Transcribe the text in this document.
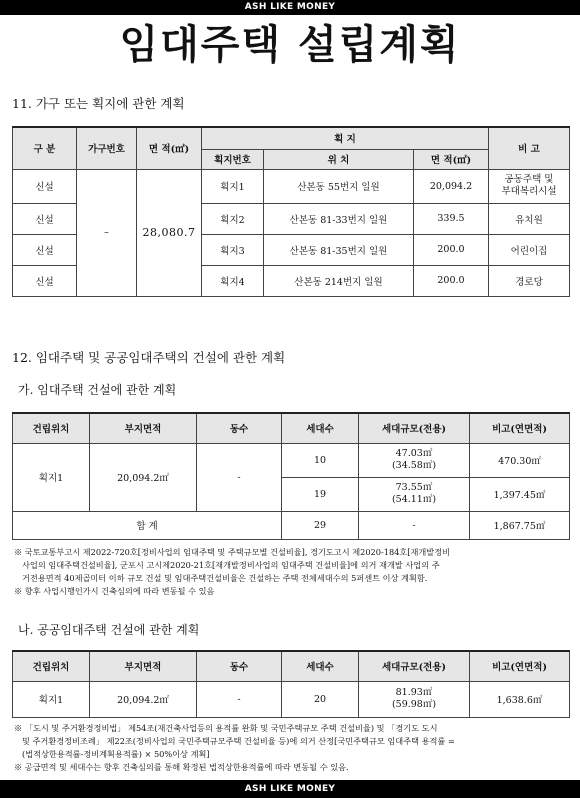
ASH LIKE MONEY
임대주택 설립계획
11. 가구 또는 획지에 관한 계획
구 분	가구번호	면 적(㎡)	획 지			비 고
			획지번호	위 치	면 적(㎡)	
신설	–	28,080.7	획지1	산본동 55번지 일원	20,094.2	공동주택 및
부대복리시설

신설			획지2	산본동 81-33번지 일원	339.5	유치원
신설			획지3	산본동 81-35번지 일원	200.0	어린이집
신설			획지4	산본동 214번지 일원	200.0	경로당
12. 임대주택 및 공공임대주택의 건설에 관한 계획
가. 임대주택 건설에 관한 계획
건립위치	부지면적	동수	세대수	세대규모(전용)	비고(연면적)
획지1	20,094.2㎡	-	10	47.03㎡
(34.58㎡)	470.30㎡
			19	73.55㎡
(54.11㎡)	1,397.45㎡
합 계			29	-	1,867.75㎡
※ 국토교통부고시 제2022-720호[정비사업의 임대주택 및 주택규모별 건설비율], 경기도고시 제2020-184호[재개발정비
사업의 임대주택건설비율], 군포시 고시제2020-21호[재개발정비사업의 임대주택 건설비율]에 의거 재개발 사업의 주
거전용면적 40제곱미터 이하 규모 건설 및 임대주택건설비율은 건설하는 주택 전체세대수의 5퍼센트 이상 계획함.
※ 향후 사업시행인가시 건축심의에 따라 변동될 수 있음
나. 공공임대주택 건설에 관한 계획
건립위치	부지면적	동수	세대수	세대규모(전용)	비고(연면적)
획지1	20,094.2㎡	-	20	81.93㎡
(59.98㎡)	1,638.6㎡
※ 「도시 및 주거환경정비법」 제54조(재건축사업등의 용적률 완화 및 국민주택규모 주택 건설비율) 및 「경기도 도시
및 주거환경정비조례」 제22조(정비사업의 국민주택규모주택 건설비율 등)에 의거 산정[국민주택규모 임대주택 용적률 =
(법적상한용적률-정비계획용적률) × 50%이상 계획]
※ 공급면적 및 세대수는 향후 건축심의를 통해 확정된 법적상한용적률에 따라 변동될 수 있음.
ASH LIKE MONEY
